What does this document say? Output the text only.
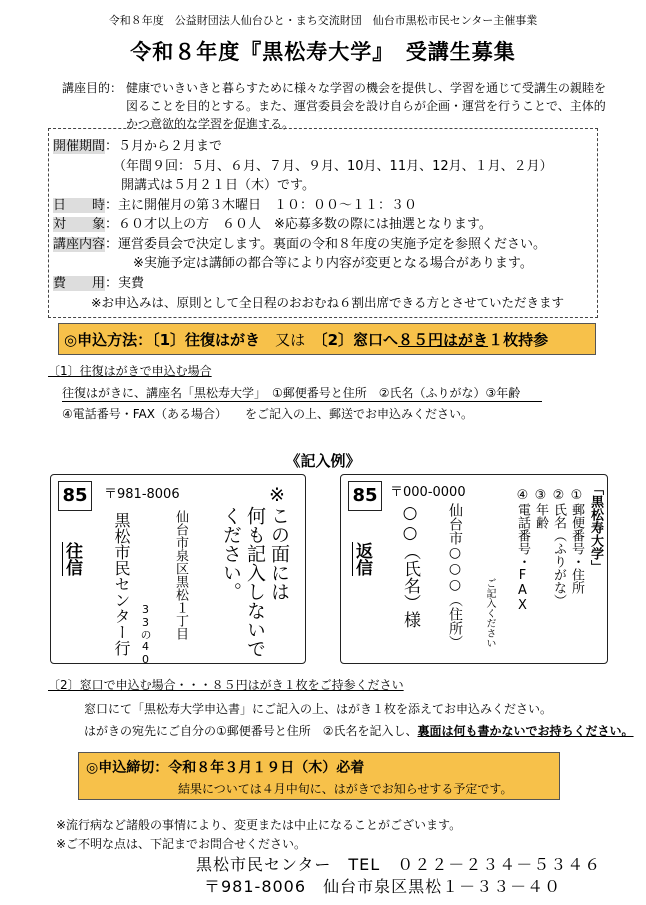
令和８年度　公益財団法人仙台ひと・まち交流財団　仙台市黒松市民センター主催事業
令和８年度『黒松寿大学』　受講生募集
講座目的： 健康でいきいきと暮らすために様々な学習の機会を提供し、学習を通じて受講生の親睦を
図ることを目的とする。また、運営委員会を設け自らが企画・運営を行うことで、主体的
かつ意欲的な学習を促進する。
開催期間：５月から２月まで
（年間９回：５月、６月、７月、９月、10月、11月、12月、１月、２月）
開講式は５月２１日（木）です。
日　　時：主に開催月の第３木曜日　１０：００～１１：３０
対　　象：６０才以上の方　６０人　※応募多数の際には抽選となります。
講座内容：運営委員会で決定します。裏面の令和８年度の実施予定を参照ください。
※実施予定は講師の都合等により内容が変更となる場合があります。
費　　用：実費
※お申込みは、原則として全日程のおおむね６割出席できる方とさせていただきます
◎申込方法：〔1〕往復はがき　 又は　 〔2〕窓口へ８５円はがき１枚持参
〔1〕往復はがきで申込む場合
往復はがきに、講座名「黒松寿大学」　①郵便番号と住所　②氏名（ふりがな）③年齢
④電話番号・FAX（ある場合）　　をご記入の上、郵送でお申込みください。
《記入例》
85	〒981-8006
仙台市泉区黒松１丁目
33の40
黒松市民センター行
往信
※
この面には
何も記入しないで
ください。
85 〒000-0000
仙台市○○○（住所）
○○（氏名）様
返信
ご記入ください
「黒松寿大学」
①郵便番号・住所
②氏名（ふりがな）
③年齢
④電話番号・FAX
〔2〕窓口で申込む場合・・・８５円はがき１枚をご持参ください
窓口にて「黒松寿大学申込書」にご記入の上、はがき１枚を添えてお申込みください。
はがきの宛先にご自分の①郵便番号と住所　②氏名を記入し、裏面は何も書かないでお持ちください。
◎申込締切：令和８年３月１９日（木）必着
結果については４月中旬に、はがきでお知らせする予定です。
※流行病など諸般の事情により、変更または中止になることがございます。
※ご不明な点は、下記までお問合せください。
黒松市民センター　 TEL　０２２－２３４－５３４６
〒981-8006　 仙台市泉区黒松１－３３－４０
